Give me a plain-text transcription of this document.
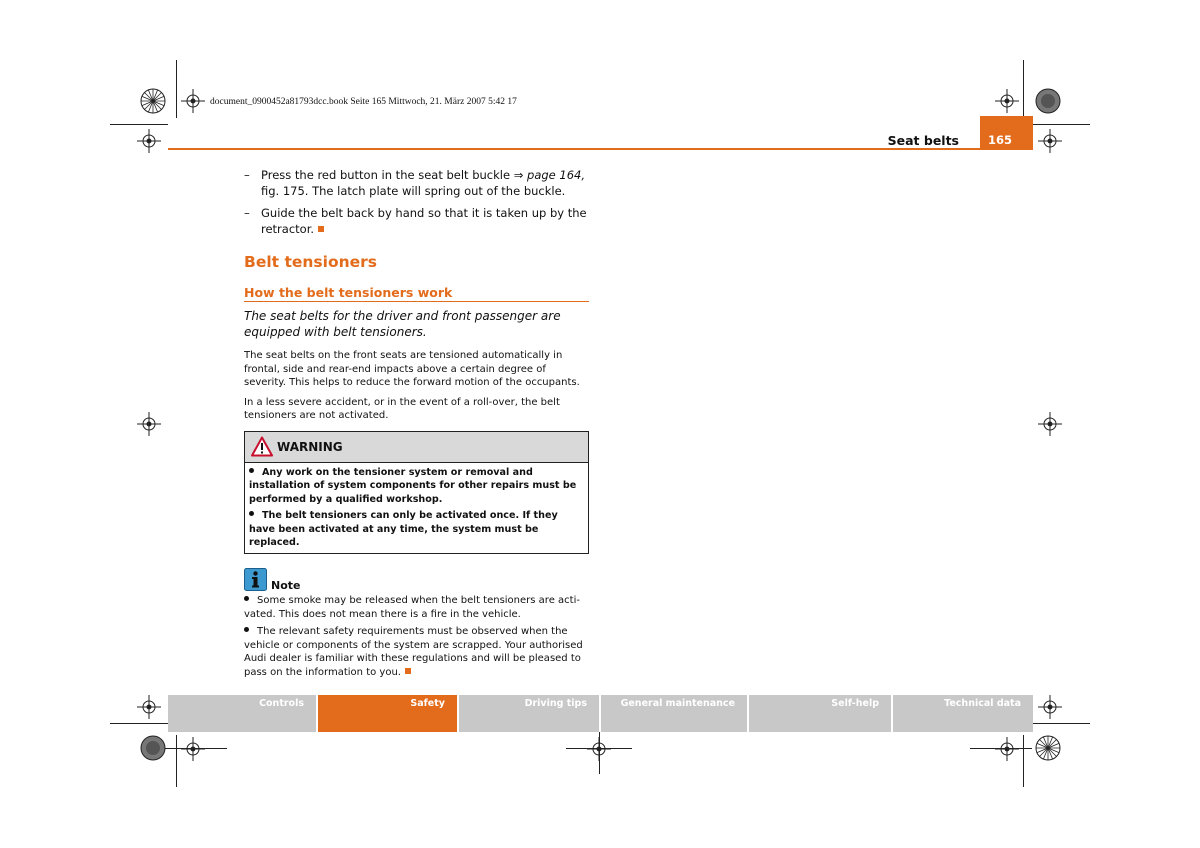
document_0900452a81793dcc.book Seite 165 Mittwoch, 21. März 2007 5:42 17
Seat belts	165
– Press the red button in the seat belt buckle ⇒ page 164, fig. 175. The latch plate will spring out of the buckle.
– Guide the belt back by hand so that it is taken up by the retractor.
Belt tensioners
How the belt tensioners work
The seat belts for the driver and front passenger are equipped with belt tensioners.
The seat belts on the front seats are tensioned automatically in frontal, side and rear-end impacts above a certain degree of severity. This helps to reduce the forward motion of the occupants.
In a less severe accident, or in the event of a roll-over, the belt tensioners are not activated.
WARNING
Any work on the tensioner system or removal and installation of system components for other repairs must be performed by a qualified workshop.
The belt tensioners can only be activated once. If they have been activated at any time, the system must be replaced.
Note
Some smoke may be released when the belt tensioners are acti-vated. This does not mean there is a fire in the vehicle.
The relevant safety requirements must be observed when the vehicle or components of the system are scrapped. Your authorised Audi dealer is familiar with these regulations and will be pleased to pass on the information to you.
Controls	Safety	Driving tips	General maintenance	Self-help	Technical data
